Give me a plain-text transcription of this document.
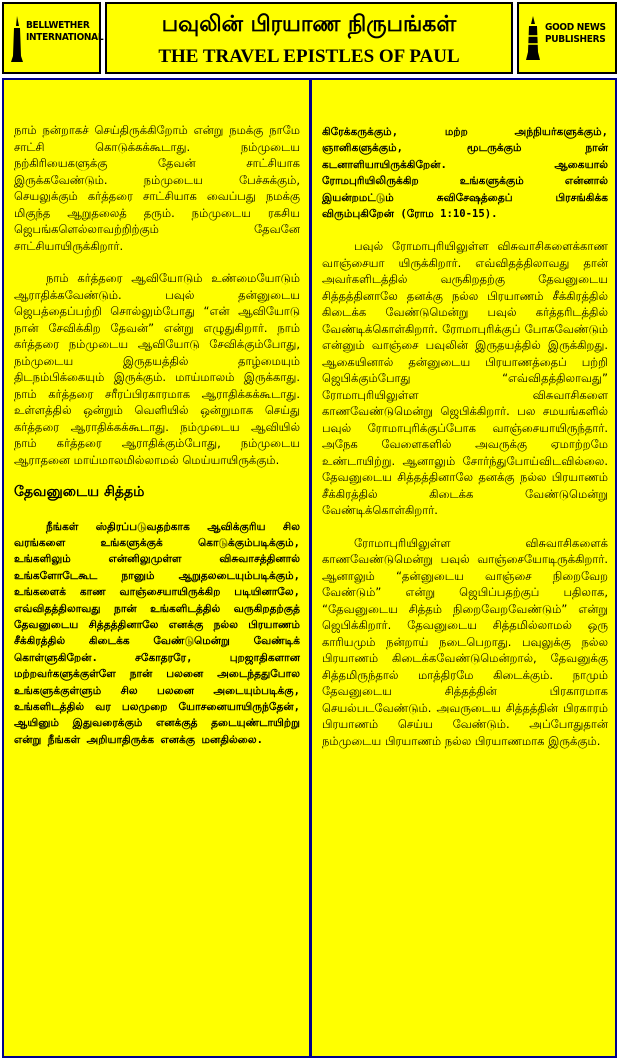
BELLWETHER
INTERNATIONAL
பவுலின் பிரயாண நிருபங்கள்
THE TRAVEL EPISTLES OF PAUL
GOOD NEWS
PUBLISHERS

நாம் நன்றாகச் செய்திருக்கிறோம் என்று நமக்கு நாமே சாட்சி கொடுக்கக்கூடாது. நம்முடைய நற்கிரியைகளுக்கு தேவன் சாட்சியாக இருக்கவேண்டும். நம்முடைய பேச்சுக்கும், செயலுக்கும் கர்த்தரை சாட்சியாக வைப்பது நமக்கு மிகுந்த ஆறுதலைத் தரும். நம்முடைய ரகசிய ஜெபங்களெல்லாவற்றிற்கும் தேவனே சாட்சியாயிருக்கிறார்.

நாம் கர்த்தரை ஆவியோடும் உண்மையோடும் ஆராதிக்கவேண்டும். பவுல் தன்னுடைய ஜெபத்தைப்பற்றி சொல்லும்போது “என் ஆவியோடு நான் சேவிக்கிற தேவன்” என்று எழுதுகிறார். நாம் கர்த்தரை நம்முடைய ஆவியோடு சேவிக்கும்போது, நம்முடைய இருதயத்தில் தாழ்மையும் திடநம்பிக்கையும் இருக்கும். மாய்மாலம் இருக்காது. நாம் கர்த்தரை சரீரப்பிரகாரமாக ஆராதிக்கக்கூடாது. உள்ளத்தில் ஒன்றும் வெளியில் ஒன்றுமாக செய்து கர்த்தரை ஆராதிக்கக்கூடாது. நம்முடைய ஆவியில் நாம் கர்த்தரை ஆராதிக்கும்போது, நம்முடைய ஆராதனை மாய்மாலமில்லாமல் மெய்யாயிருக்கும்.

தேவனுடைய சித்தம்

நீங்கள் ஸ்திரப்படுவதற்காக ஆவிக்குரிய சில வரங்களை உங்களுக்குக் கொடுக்கும்படிக்கும், உங்களிலும் என்னிலுமுள்ள விசுவாசத்தினால் உங்களோடேகூட நானும் ஆறுதலடையும்படிக்கும், உங்களைக் காண வாஞ்சையாயிருக்கிற படியினாலே, எவ்விதத்திலாவது நான் உங்களிடத்தில் வருகிறதற்குத் தேவனுடைய சித்தத்தினாலே எனக்கு நல்ல பிரயாணம் சீக்கிரத்தில் கிடைக்க வேண்டுமென்று வேண்டிக் கொள்ளுகிறேன். சகோதரரே, புறஜாதிகளான மற்றவர்களுக்குள்ளே நான் பலனை அடைந்ததுபோல உங்களுக்குள்ளும் சில பலனை அடையும்படிக்கு, உங்களிடத்தில் வர பலமுறை யோசனையாயிருந்தேன், ஆயினும் இதுவரைக்கும் எனக்குத் தடையுண்டாயிற்று என்று நீங்கள் அறியாதிருக்க எனக்கு மனதில்லை.

கிரேக்கருக்கும், மற்ற அந்நியர்களுக்கும், ஞானிகளுக்கும், மூடருக்கும் நான் கடனாளியாயிருக்கிறேன். ஆகையால் ரோமபுரியிலிருக்கிற உங்களுக்கும் என்னால் இயன்றமட்டும் சுவிசேஷத்தைப் பிரசங்கிக்க விரும்புகிறேன் (ரோம 1:10-15).

பவுல் ரோமாபுரியிலுள்ள விசுவாசிகளைக்காண வாஞ்சையா யிருக்கிறார். எவ்விதத்திலாவது தான் அவர்களிடத்தில் வருகிறதற்கு தேவனுடைய சித்தத்தினாலே தனக்கு நல்ல பிரயாணம் சீக்கிரத்தில் கிடைக்க வேண்டுமென்று பவுல் கர்த்தரிடத்தில் வேண்டிக்கொள்கிறார். ரோமாபுரிக்குப் போகவேண்டும் என்னும் வாஞ்சை பவுலின் இருதயத்தில் இருக்கிறது. ஆகையினால் தன்னுடைய பிரயாணத்தைப் பற்றி ஜெபிக்கும்போது “எவ்விதத்திலாவது” ரோமாபுரியிலுள்ள விசுவாசிகளை காணவேண்டுமென்று ஜெபிக்கிறார். பல சமயங்களில் பவுல் ரோமாபுரிக்குப்போக வாஞ்சையாயிருந்தார். அநேக வேளைகளில் அவருக்கு ஏமாற்றமே உண்டாயிற்று. ஆனாலும் சோர்ந்துபோய்விடவில்லை. தேவனுடைய சித்தத்தினாலே தனக்கு நல்ல பிரயாணம் சீக்கிரத்தில் கிடைக்க வேண்டுமென்று வேண்டிக்கொள்கிறார்.

ரோமாபுரியிலுள்ள விசுவாசிகளைக் காணவேண்டுமென்று பவுல் வாஞ்சையோடிருக்கிறார். ஆனாலும் “தன்னுடைய வாஞ்சை நிறைவேற வேண்டும்” என்று ஜெபிப்பதற்குப் பதிலாக, “தேவனுடைய சித்தம் நிறைவேறவேண்டும்” என்று ஜெபிக்கிறார். தேவனுடைய சித்தமில்லாமல் ஒரு காரியமும் நன்றாய் நடைபெறாது. பவுலுக்கு நல்ல பிரயாணம் கிடைக்கவேண்டுமென்றால், தேவனுக்கு சித்தமிருந்தால் மாத்திரமே கிடைக்கும். நாமும் தேவனுடைய சித்தத்தின் பிரகாரமாக செயல்படவேண்டும். அவருடைய சித்தத்தின் பிரகாரம் பிரயாணம் செய்ய வேண்டும். அப்போதுதான் நம்முடைய பிரயாணம் நல்ல பிரயாணமாக இருக்கும்.
